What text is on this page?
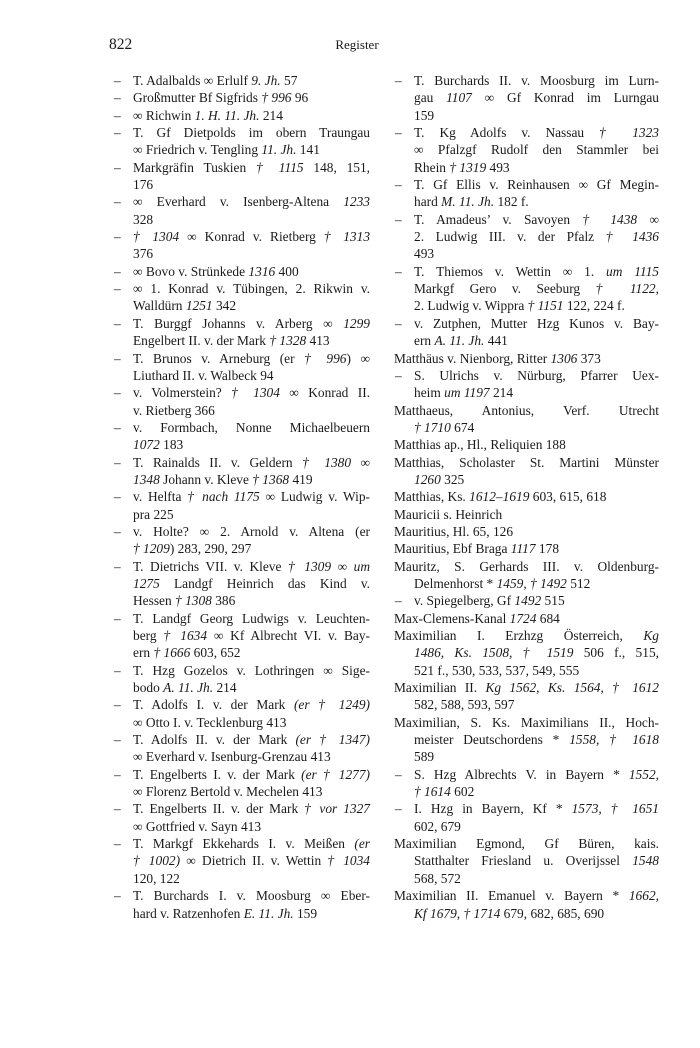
822	Register
– T. Adalbalds ∞ Erlulf 9. Jh. 57
– Großmutter Bf Sigfrids † 996 96
– ∞ Richwin 1. H. 11. Jh. 214
– T. Gf Dietpolds im obern Traungau
∞ Friedrich v. Tengling 11. Jh. 141
– Markgräfin Tuskien † 1115 148, 151,
176
– ∞ Everhard v. Isenberg-Altena 1233
328
– † 1304 ∞ Konrad v. Rietberg † 1313
376
– ∞ Bovo v. Strünkede 1316 400
– ∞ 1. Konrad v. Tübingen, 2. Rikwin v.
Walldürn 1251 342
– T. Burggf Johanns v. Arberg ∞ 1299
Engelbert II. v. der Mark † 1328 413
– T. Brunos v. Arneburg (er † 996) ∞
Liuthard II. v. Walbeck 94
– v. Volmerstein? † 1304 ∞ Konrad II.
v. Rietberg 366
– v. Formbach, Nonne Michaelbeuern
1072 183
– T. Rainalds II. v. Geldern † 1380 ∞
1348 Johann v. Kleve † 1368 419
– v. Helfta † nach 1175 ∞ Ludwig v. Wip-
pra 225
– v. Holte? ∞ 2. Arnold v. Altena (er
† 1209) 283, 290, 297
– T. Dietrichs VII. v. Kleve † 1309 ∞ um
1275 Landgf Heinrich das Kind v.
Hessen † 1308 386
– T. Landgf Georg Ludwigs v. Leuchten-
berg † 1634 ∞ Kf Albrecht VI. v. Bay-
ern † 1666 603, 652
– T. Hzg Gozelos v. Lothringen ∞ Sige-
bodo A. 11. Jh. 214
– T. Adolfs I. v. der Mark (er † 1249)
∞ Otto I. v. Tecklenburg 413
– T. Adolfs II. v. der Mark (er † 1347)
∞ Everhard v. Isenburg-Grenzau 413
– T. Engelberts I. v. der Mark (er † 1277)
∞ Florenz Bertold v. Mechelen 413
– T. Engelberts II. v. der Mark † vor 1327
∞ Gottfried v. Sayn 413
– T. Markgf Ekkehards I. v. Meißen (er
† 1002) ∞ Dietrich II. v. Wettin † 1034
120, 122
– T. Burchards I. v. Moosburg ∞ Eber-
hard v. Ratzenhofen E. 11. Jh. 159
– T. Burchards II. v. Moosburg im Lurn-
gau 1107 ∞ Gf Konrad im Lurngau
159
– T. Kg Adolfs v. Nassau † 1323
∞ Pfalzgf Rudolf den Stammler bei
Rhein † 1319 493
– T. Gf Ellis v. Reinhausen ∞ Gf Megin-
hard M. 11. Jh. 182 f.
– T. Amadeus’ v. Savoyen † 1438 ∞
2. Ludwig III. v. der Pfalz † 1436
493
– T. Thiemos v. Wettin ∞ 1. um 1115
Markgf Gero v. Seeburg † 1122,
2. Ludwig v. Wippra † 1151 122, 224 f.
– v. Zutphen, Mutter Hzg Kunos v. Bay-
ern A. 11. Jh. 441
Matthäus v. Nienborg, Ritter 1306 373
– S. Ulrichs v. Nürburg, Pfarrer Uex-
heim um 1197 214
Matthaeus, Antonius, Verf. Utrecht
† 1710 674
Matthias ap., Hl., Reliquien 188
Matthias, Scholaster St. Martini Münster
1260 325
Matthias, Ks. 1612–1619 603, 615, 618
Mauricii s. Heinrich
Mauritius, Hl. 65, 126
Mauritius, Ebf Braga 1117 178
Mauritz, S. Gerhards III. v. Oldenburg-
Delmenhorst * 1459, † 1492 512
– v. Spiegelberg, Gf 1492 515
Max-Clemens-Kanal 1724 684
Maximilian I. Erzhzg Österreich, Kg
1486, Ks. 1508, † 1519 506 f., 515,
521 f., 530, 533, 537, 549, 555
Maximilian II. Kg 1562, Ks. 1564, † 1612
582, 588, 593, 597
Maximilian, S. Ks. Maximilians II., Hoch-
meister Deutschordens * 1558, † 1618
589
– S. Hzg Albrechts V. in Bayern * 1552,
† 1614 602
– I. Hzg in Bayern, Kf * 1573, † 1651
602, 679
Maximilian Egmond, Gf Büren, kais.
Statthalter Friesland u. Overijssel 1548
568, 572
Maximilian II. Emanuel v. Bayern * 1662,
Kf 1679, † 1714 679, 682, 685, 690
